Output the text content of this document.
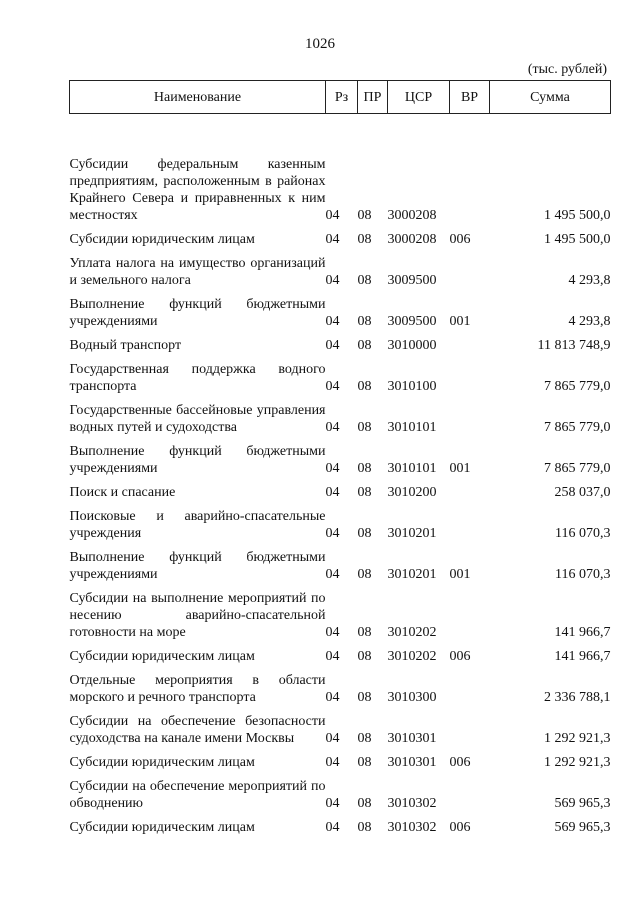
1026
(тыс. рублей)
Наименование	Рз	ПР	ЦСР	ВР	Сумма
Субсидии федеральным казенным предприятиям, расположенным в районах Крайнего Севера и приравненных к ним местностях	04	08	3000208		1 495 500,0
Субсидии юридическим лицам	04	08	3000208	006	1 495 500,0
Уплата налога на имущество организаций и земельного налога	04	08	3009500		4 293,8
Выполнение функций бюджетными учреждениями	04	08	3009500	001	4 293,8
Водный транспорт	04	08	3010000		11 813 748,9
Государственная поддержка водного транспорта	04	08	3010100		7 865 779,0
Государственные бассейновые управления водных путей и судоходства	04	08	3010101		7 865 779,0
Выполнение функций бюджетными учреждениями	04	08	3010101	001	7 865 779,0
Поиск и спасание	04	08	3010200		258 037,0
Поисковые и аварийно-спасательные учреждения	04	08	3010201		116 070,3
Выполнение функций бюджетными учреждениями	04	08	3010201	001	116 070,3
Субсидии на выполнение мероприятий по несению аварийно-спасательной готовности на море	04	08	3010202		141 966,7
Субсидии юридическим лицам	04	08	3010202	006	141 966,7
Отдельные мероприятия в области морского и речного транспорта	04	08	3010300		2 336 788,1
Субсидии на обеспечение безопасности судоходства на канале имени Москвы	04	08	3010301		1 292 921,3
Субсидии юридическим лицам	04	08	3010301	006	1 292 921,3
Субсидии на обеспечение мероприятий по обводнению	04	08	3010302		569 965,3
Субсидии юридическим лицам	04	08	3010302	006	569 965,3
